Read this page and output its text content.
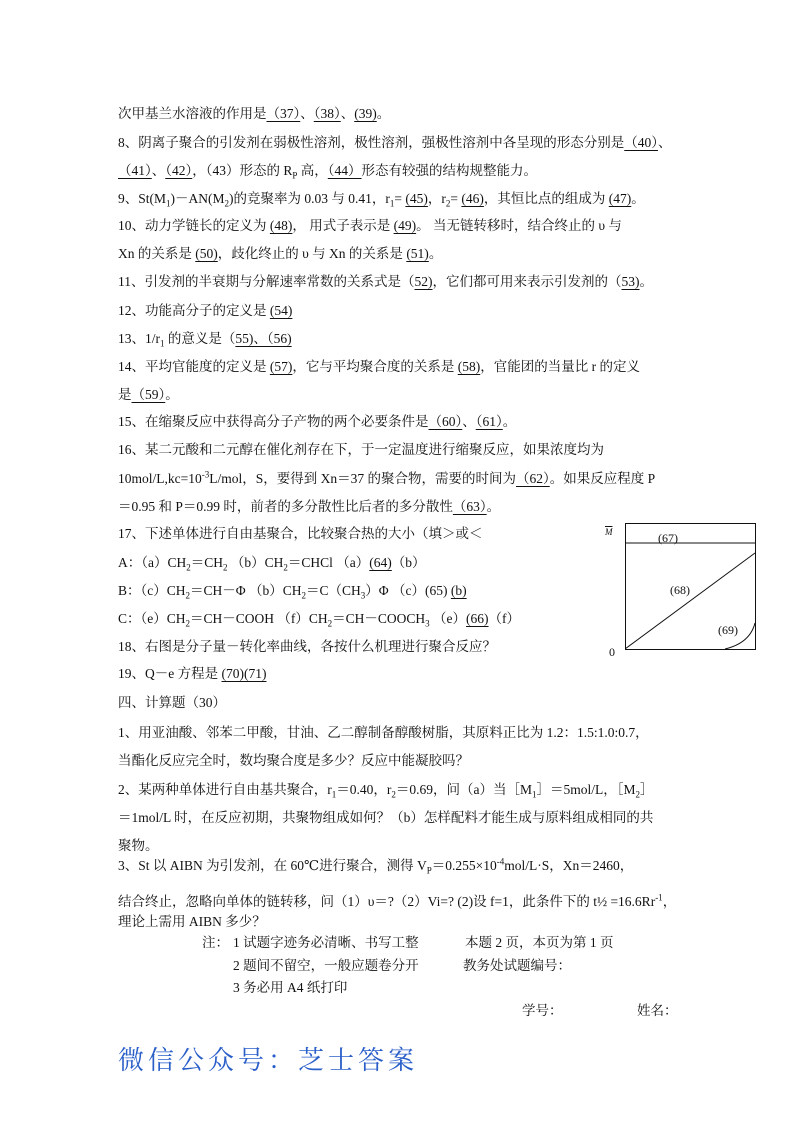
次甲基兰水溶液的作用是（37）、（38）、(39)。
8、阴离子聚合的引发剂在弱极性溶剂，极性溶剂，强极性溶剂中各呈现的形态分别是（40）、
（41）、（42），（43）形态的 $R_P$ 高，（44）形态有较强的结构规整能力。
9、$St(M_1)-AN(M_2)$的竞聚率为 0.03 与 0.41，$r_1= (45)$，$r_2= (46)$，其恒比点的组成为 (47)。
10、动力学链长的定义为 (48)， 用式子表示是 (49)。 当无链转移时，结合终止的 υ 与
Xn 的关系是 (50)，歧化终止的 υ 与 Xn 的关系是 (51)。
11、引发剂的半衰期与分解速率常数的关系式是（52)，它们都可用来表示引发剂的（53)。
12、功能高分子的定义是 (54)
13、$1/r_1$ 的意义是（55)、（56)
14、平均官能度的定义是 (57)，它与平均聚合度的关系是 (58)，官能团的当量比 r 的定义
是（59）。
15、在缩聚反应中获得高分子产物的两个必要条件是（60）、（61）。
16、某二元酸和二元醇在催化剂存在下，于一定温度进行缩聚反应，如果浓度均为
$10mol/L,kc=10^{-3}L$/mol，S，要得到 Xn＝37 的聚合物，需要的时间为（62）。如果反应程度 P
＝0.95 和 P＝0.99 时，前者的多分散性比后者的多分散性（63）。
17、下述单体进行自由基聚合，比较聚合热的大小（填＞或＜
A：$(a)CH_2=CH_2$ $(b)CH_2=CHCl$ （a）(64)（b）
B：$(c)CH_2=CH-\Phi$ $(b)CH_2=C(CH_3)\Phi$ （c）(65) (b)
C：$(e)CH_2=CH-COOH$ $(f)CH_2=CH-COOCH_3$ （e）(66)（f）
18、右图是分子量－转化率曲线，各按什么机理进行聚合反应？
19、Q－e 方程是 (70)(71)
四、计算题（30）
1、用亚油酸、邻苯二甲酸，甘油、乙二醇制备醇酸树脂，其原料正比为 1.2：1.5:1.0:0.7，
当酯化反应完全时，数均聚合度是多少？反应中能凝胶吗？
2、某两种单体进行自由基共聚合，$r_1=0.40$，$r_2=0.69$，问（a）当$[M_1]=5mol/L$，$[M_2]$
＝1mol/L 时，在反应初期，共聚物组成如何？（b）怎样配料才能生成与原料组成相同的共
聚物。
3、St 以 AIBN 为引发剂，在 60℃进行聚合，测得 $V_P=0.255\times 10^{-4}mol/L\cdot S$，Xn＝2460，
结合终止，忽略向单体的链转移，问（1）υ＝?（2）Vi=? (2)设 f=1，此条件下的 t½ $=16.6Rr^{-1}$，
理论上需用 AIBN 多少？
(67)
(68)
(69)
$\overline{M}$
0
注： 1 试题字迹务必清晰、书写工整
2 题间不留空，一般应题卷分开
3 务必用 A4 纸打印
本题 2 页，本页为第 1 页
教务处试题编号：
学号：	姓名：
微信公众号：芝士答案
